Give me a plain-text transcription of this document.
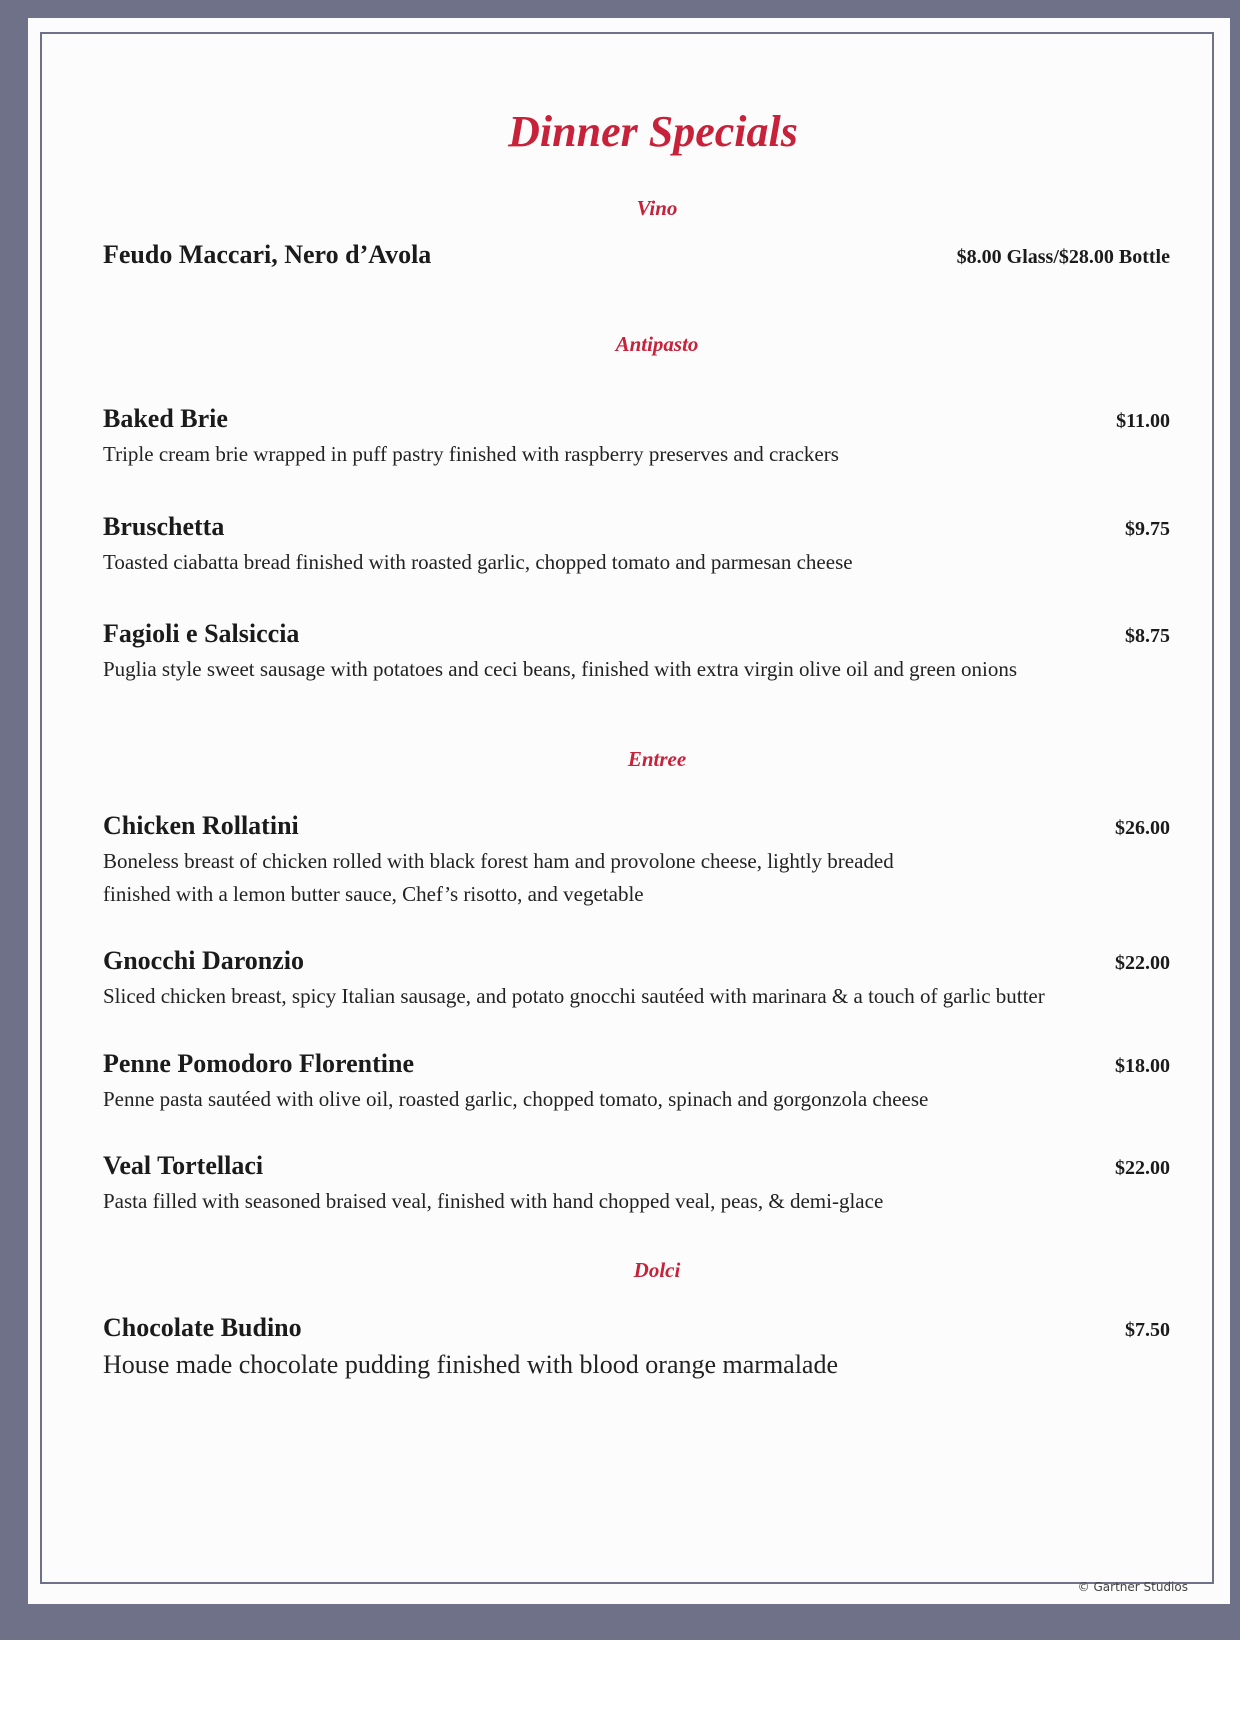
Dinner Specials
Vino
Feudo Maccari, Nero d’Avola	$8.00 Glass/$28.00 Bottle
Antipasto
Baked Brie	$11.00
Triple cream brie wrapped in puff pastry finished with raspberry preserves and crackers
Bruschetta	$9.75
Toasted ciabatta bread finished with roasted garlic, chopped tomato and parmesan cheese
Fagioli e Salsiccia	$8.75
Puglia style sweet sausage with potatoes and ceci beans, finished with extra virgin olive oil and green onions
Entree
Chicken Rollatini	$26.00
Boneless breast of chicken rolled with black forest ham and provolone cheese, lightly breaded
finished with a lemon butter sauce, Chef’s risotto, and vegetable
Gnocchi Daronzio	$22.00
Sliced chicken breast, spicy Italian sausage, and potato gnocchi sautéed with marinara & a touch of garlic butter
Penne Pomodoro Florentine	$18.00
Penne pasta sautéed with olive oil, roasted garlic, chopped tomato, spinach and gorgonzola cheese
Veal Tortellaci	$22.00
Pasta filled with seasoned braised veal, finished with hand chopped veal, peas, & demi-glace
Dolci
Chocolate Budino	$7.50
House made chocolate pudding finished with blood orange marmalade
© Gartner Studios
